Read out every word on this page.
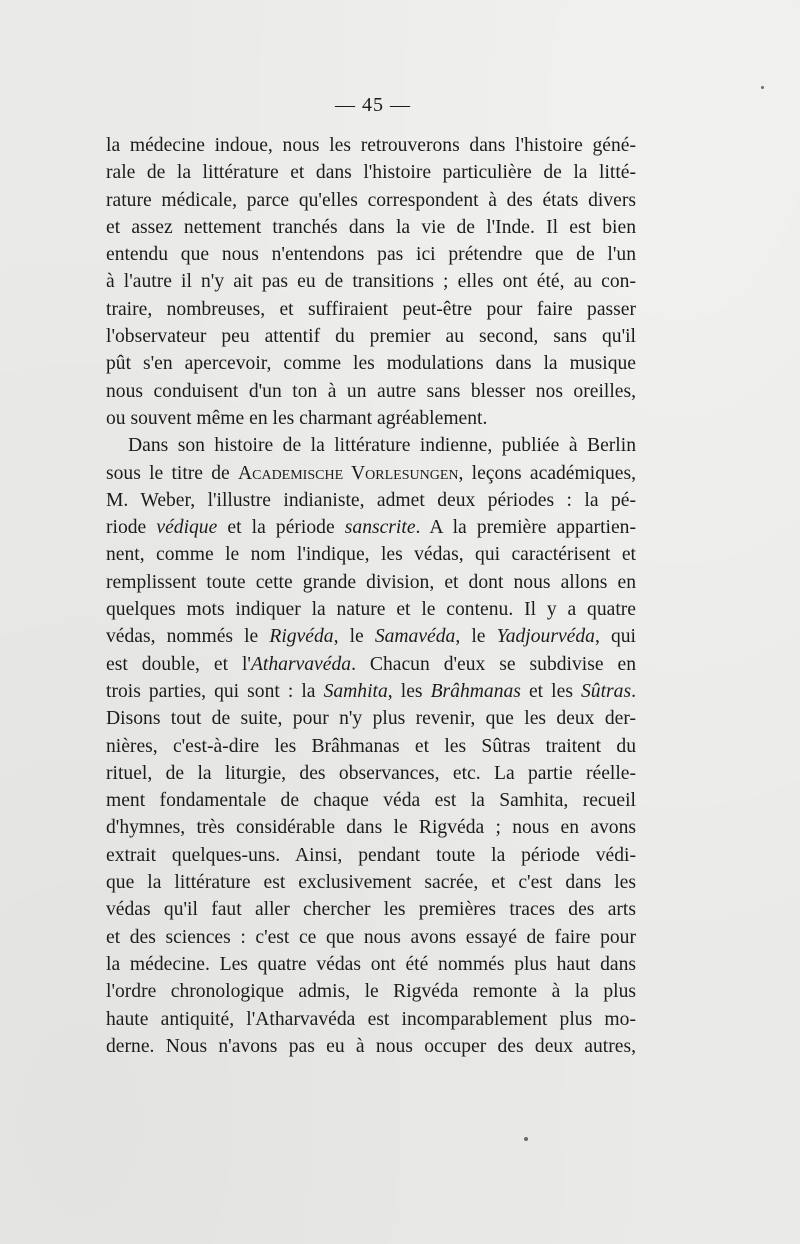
— 45 —
la médecine indoue, nous les retrouverons dans l'histoire géné-
rale de la littérature et dans l'histoire particulière de la litté-
rature médicale, parce qu'elles correspondent à des états divers
et assez nettement tranchés dans la vie de l'Inde. Il est bien
entendu que nous n'entendons pas ici prétendre que de l'un
à l'autre il n'y ait pas eu de transitions ; elles ont été, au con-
traire, nombreuses, et suffiraient peut-être pour faire passer
l'observateur peu attentif du premier au second, sans qu'il
pût s'en apercevoir, comme les modulations dans la musique
nous conduisent d'un ton à un autre sans blesser nos oreilles,
ou souvent même en les charmant agréablement.
Dans son histoire de la littérature indienne, publiée à Berlin
sous le titre de Academische Vorlesungen, leçons académiques,
M. Weber, l'illustre indianiste, admet deux périodes : la pé-
riode védique et la période sanscrite. A la première appartien-
nent, comme le nom l'indique, les védas, qui caractérisent et
remplissent toute cette grande division, et dont nous allons en
quelques mots indiquer la nature et le contenu. Il y a quatre
védas, nommés le Rigvéda, le Samavéda, le Yadjourvéda, qui
est double, et l'Atharvavéda. Chacun d'eux se subdivise en
trois parties, qui sont : la Samhita, les Brâhmanas et les Sûtras.
Disons tout de suite, pour n'y plus revenir, que les deux der-
nières, c'est-à-dire les Brâhmanas et les Sûtras traitent du
rituel, de la liturgie, des observances, etc. La partie réelle-
ment fondamentale de chaque véda est la Samhita, recueil
d'hymnes, très considérable dans le Rigvéda ; nous en avons
extrait quelques-uns. Ainsi, pendant toute la période védi-
que la littérature est exclusivement sacrée, et c'est dans les
védas qu'il faut aller chercher les premières traces des arts
et des sciences : c'est ce que nous avons essayé de faire pour
la médecine. Les quatre védas ont été nommés plus haut dans
l'ordre chronologique admis, le Rigvéda remonte à la plus
haute antiquité, l'Atharvavéda est incomparablement plus mo-
derne. Nous n'avons pas eu à nous occuper des deux autres,
